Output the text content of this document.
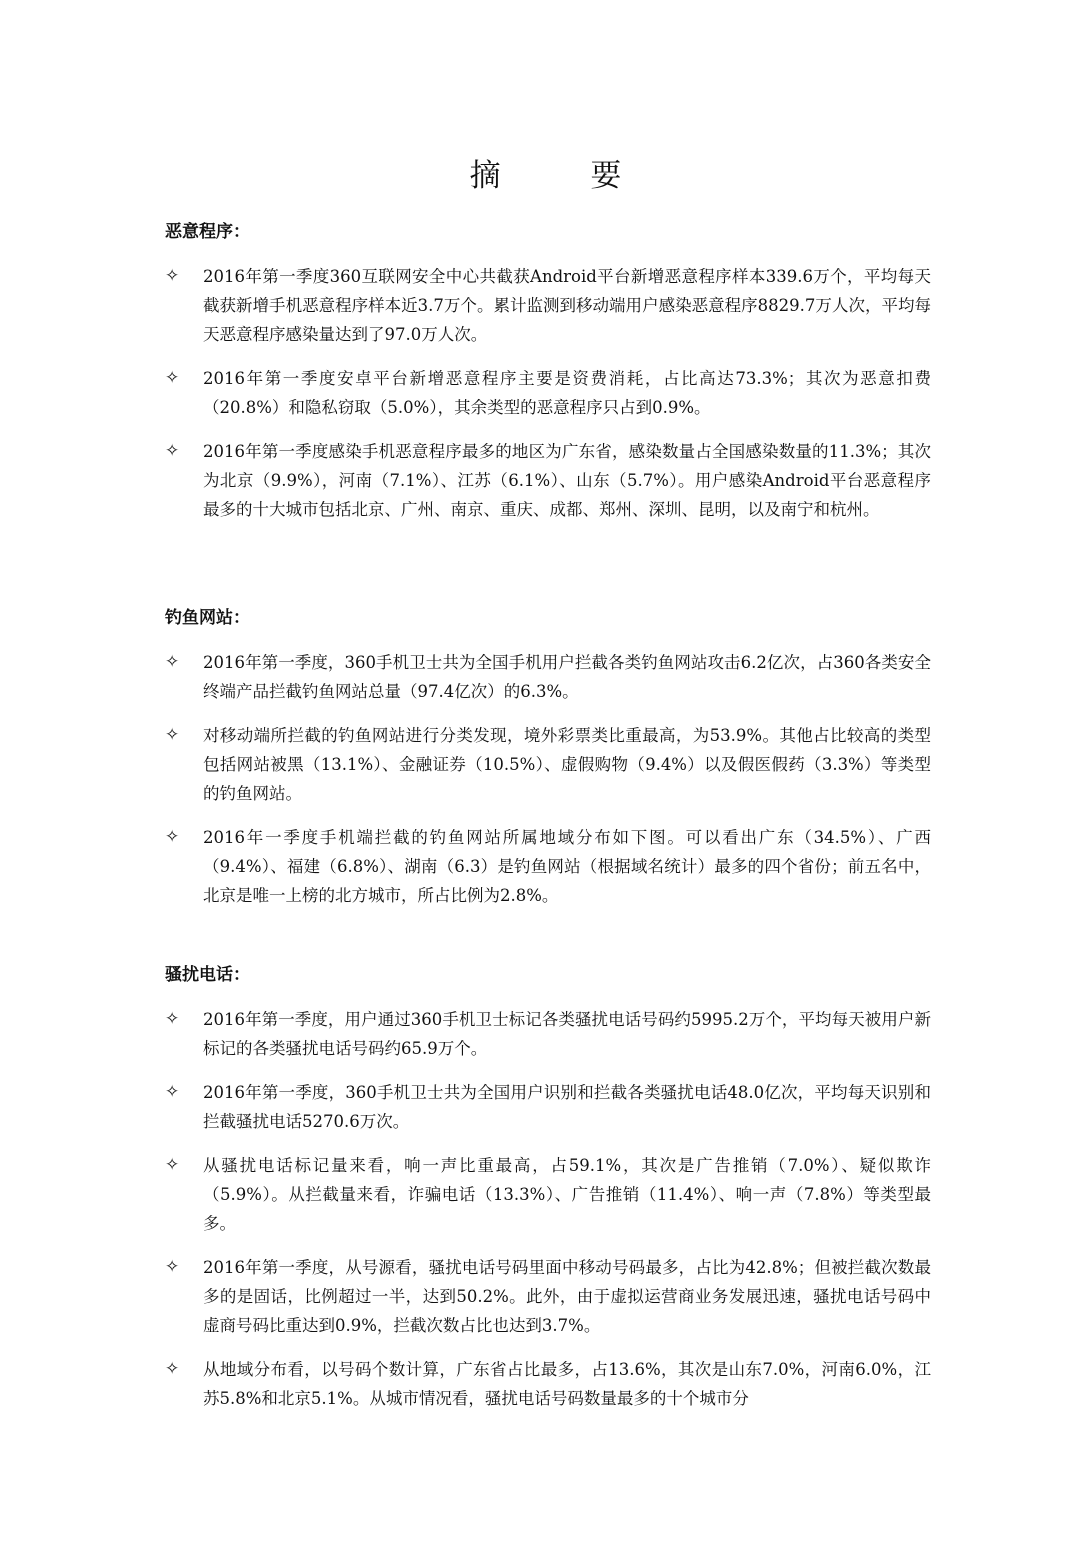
摘 要
恶意程序：
✧	2016年第一季度360互联网安全中心共截获Android平台新增恶意程序样本339.6万个，平均每天截获新增手机恶意程序样本近3.7万个。累计监测到移动端用户感染恶意程序8829.7万人次，平均每天恶意程序感染量达到了97.0万人次。

✧	2016年第一季度安卓平台新增恶意程序主要是资费消耗，占比高达73.3%；其次为恶意扣费（20.8%）和隐私窃取（5.0%），其余类型的恶意程序只占到0.9%。

✧	2016年第一季度感染手机恶意程序最多的地区为广东省，感染数量占全国感染数量的11.3%；其次为北京（9.9%），河南（7.1%）、江苏（6.1%）、山东（5.7%）。用户感染Android平台恶意程序最多的十大城市包括北京、广州、南京、重庆、成都、郑州、深圳、昆明，以及南宁和杭州。

钓鱼网站：
✧	2016年第一季度，360手机卫士共为全国手机用户拦截各类钓鱼网站攻击6.2亿次，占360各类安全终端产品拦截钓鱼网站总量（97.4亿次）的6.3%。

✧	对移动端所拦截的钓鱼网站进行分类发现，境外彩票类比重最高，为53.9%。其他占比较高的类型包括网站被黑（13.1%）、金融证券（10.5%）、虚假购物（9.4%）以及假医假药（3.3%）等类型的钓鱼网站。

✧	2016年一季度手机端拦截的钓鱼网站所属地域分布如下图。可以看出广东（34.5%）、广西（9.4%）、福建（6.8%）、湖南（6.3）是钓鱼网站（根据域名统计）最多的四个省份；前五名中，北京是唯一上榜的北方城市，所占比例为2.8%。

骚扰电话：
✧	2016年第一季度，用户通过360手机卫士标记各类骚扰电话号码约5995.2万个，平均每天被用户新标记的各类骚扰电话号码约65.9万个。

✧	2016年第一季度，360手机卫士共为全国用户识别和拦截各类骚扰电话48.0亿次，平均每天识别和拦截骚扰电话5270.6万次。

✧	从骚扰电话标记量来看，响一声比重最高，占59.1%，其次是广告推销（7.0%）、疑似欺诈（5.9%）。从拦截量来看，诈骗电话（13.3%）、广告推销（11.4%）、响一声（7.8%）等类型最多。

✧	2016年第一季度，从号源看，骚扰电话号码里面中移动号码最多，占比为42.8%；但被拦截次数最多的是固话，比例超过一半，达到50.2%。此外，由于虚拟运营商业务发展迅速，骚扰电话号码中虚商号码比重达到0.9%，拦截次数占比也达到3.7%。

✧	从地域分布看，以号码个数计算，广东省占比最多，占13.6%，其次是山东7.0%，河南6.0%，江苏5.8%和北京5.1%。从城市情况看，骚扰电话号码数量最多的十个城市分
